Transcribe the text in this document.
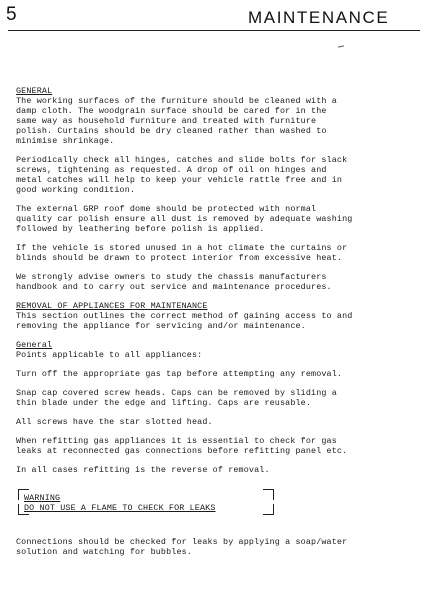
5	MAINTENANCE
GENERAL
The working surfaces of the furniture should be cleaned with a
damp cloth. The woodgrain surface should be cared for in the
same way as household furniture and treated with furniture
polish. Curtains should be dry cleaned rather than washed to
minimise shrinkage.
Periodically check all hinges, catches and slide bolts for slack
screws, tightening as requested. A drop of oil on hinges and
metal catches will help to keep your vehicle rattle free and in
good working condition.
The external GRP roof dome should be protected with normal
quality car polish ensure all dust is removed by adequate washing
followed by leathering before polish is applied.
If the vehicle is stored unused in a hot climate the curtains or
blinds should be drawn to protect interior from excessive heat.
We strongly advise owners to study the chassis manufacturers
handbook and to carry out service and maintenance procedures.
REMOVAL OF APPLIANCES FOR MAINTENANCE
This section outlines the correct method of gaining access to and
removing the appliance for servicing and/or maintenance.
General
Points applicable to all appliances:
Turn off the appropriate gas tap before attempting any removal.
Snap cap covered screw heads. Caps can be removed by sliding a
thin blade under the edge and lifting. Caps are reusable.
All screws have the star slotted head.
When refitting gas appliances it is essential to check for gas
leaks at reconnected gas connections before refitting panel etc.
In all cases refitting is the reverse of removal.
WARNING
DO NOT USE A FLAME TO CHECK FOR LEAKS
Connections should be checked for leaks by applying a soap/water
solution and watching for bubbles.
